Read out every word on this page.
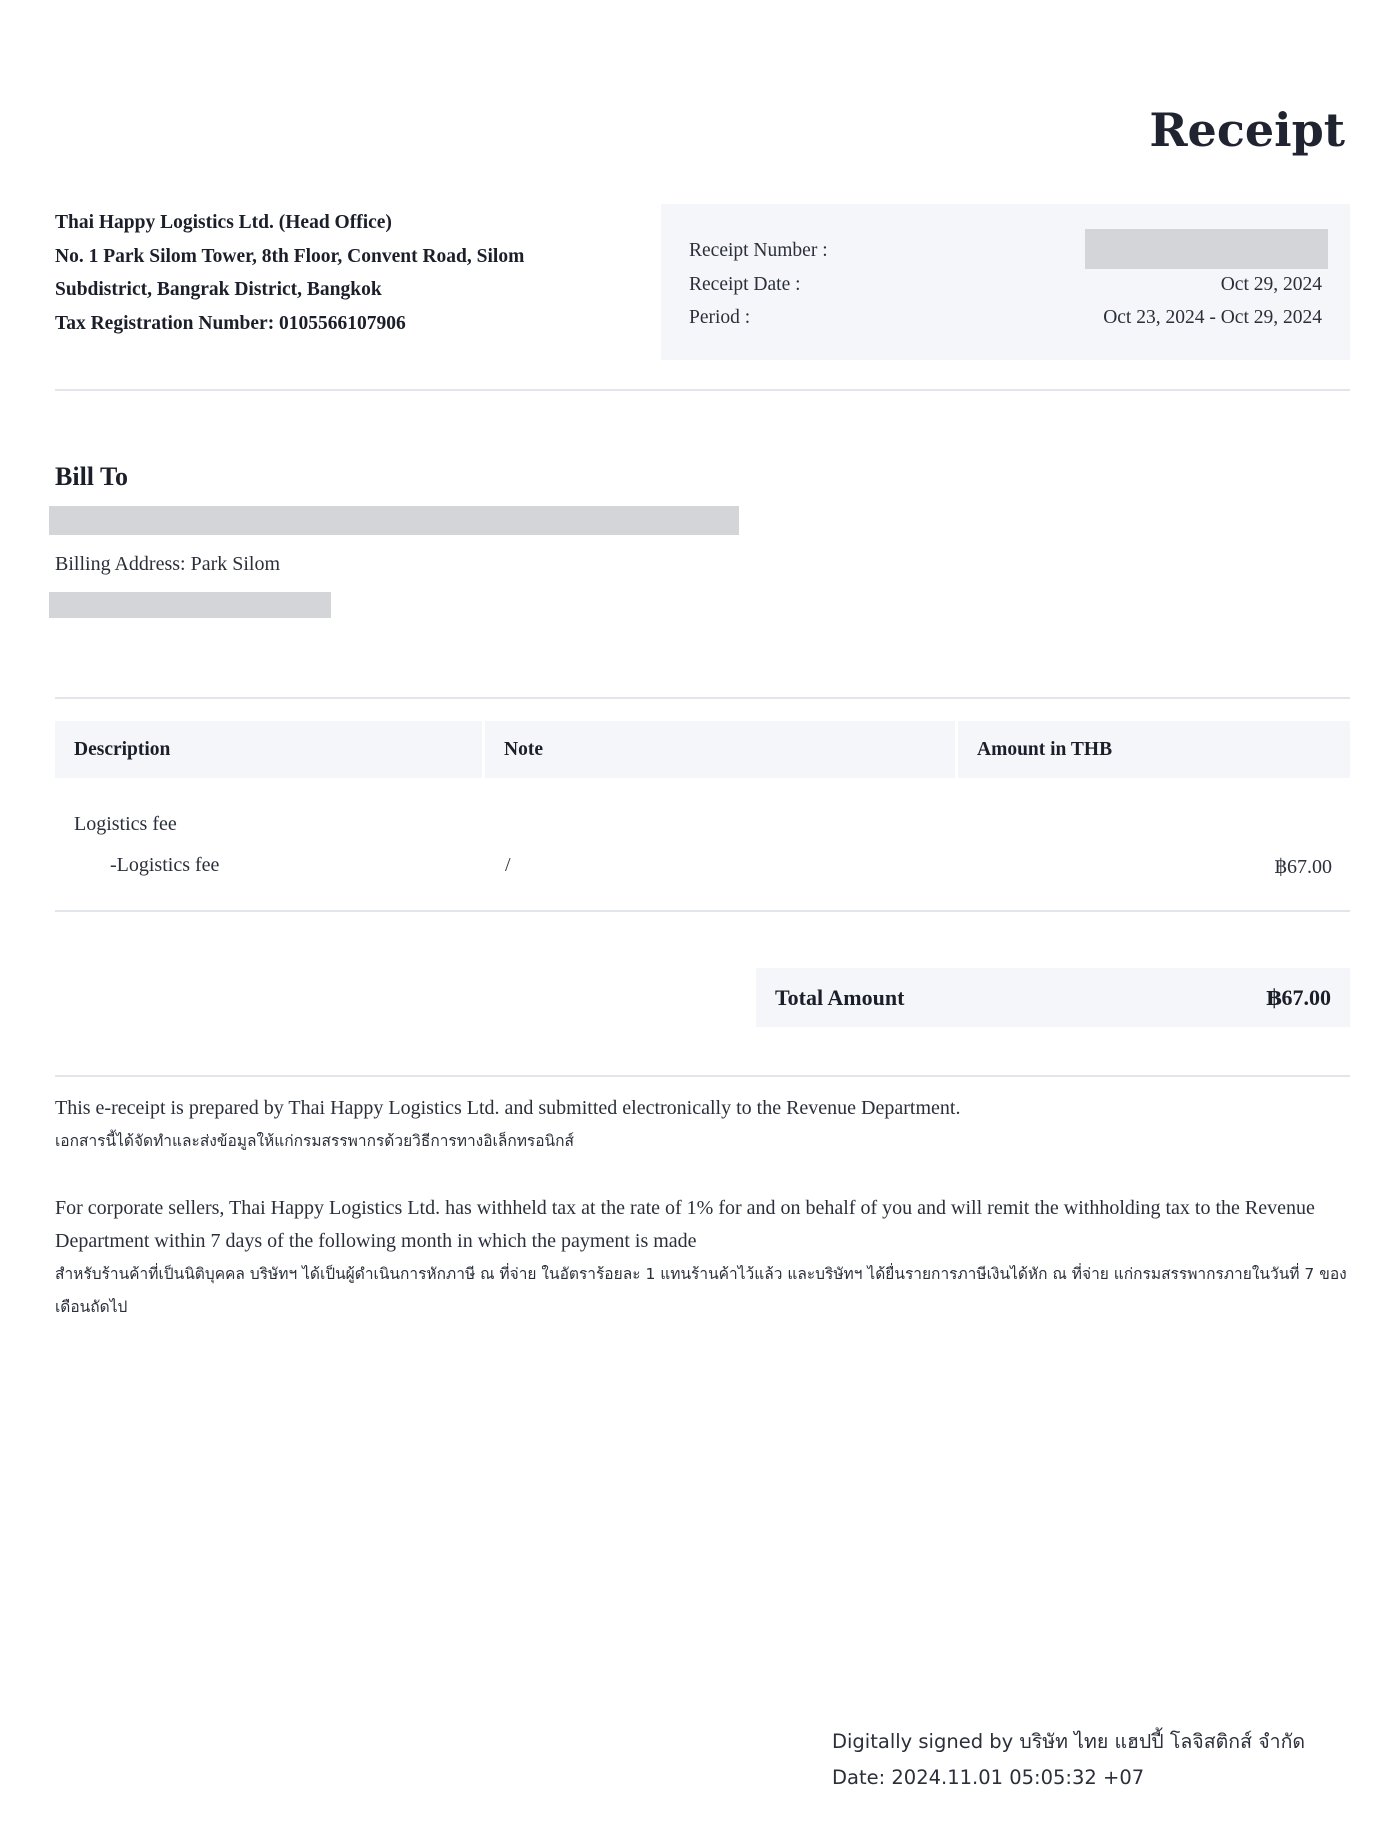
Receipt
Thai Happy Logistics Ltd. (Head Office)
No. 1 Park Silom Tower, 8th Floor, Convent Road, Silom
Subdistrict, Bangrak District, Bangkok
Tax Registration Number: 0105566107906
Receipt Number :
Receipt Date :	Oct 29, 2024
Period :	Oct 23, 2024 - Oct 29, 2024
Bill To
Billing Address: Park Silom
Description	Note	Amount in THB
Logistics fee
-Logistics fee	/	฿67.00
Total Amount	฿67.00
This e-receipt is prepared by Thai Happy Logistics Ltd. and submitted electronically to the Revenue Department.
เอกสารนี้ได้จัดทำและส่งข้อมูลให้แก่กรมสรรพากรด้วยวิธีการทางอิเล็กทรอนิกส์
For corporate sellers, Thai Happy Logistics Ltd. has withheld tax at the rate of 1% for and on behalf of you and will remit the withholding tax to the Revenue Department within 7 days of the following month in which the payment is made
สำหรับร้านค้าที่เป็นนิติบุคคล บริษัทฯ ได้เป็นผู้ดำเนินการหักภาษี ณ ที่จ่าย ในอัตราร้อยละ 1 แทนร้านค้าไว้แล้ว และบริษัทฯ ได้ยื่นรายการภาษีเงินได้หัก ณ ที่จ่าย แก่กรมสรรพากรภายในวันที่ 7 ของเดือนถัดไป
Digitally signed by บริษัท ไทย แฮปปี้ โลจิสติกส์ จำกัด
Date: 2024.11.01 05:05:32 +07
